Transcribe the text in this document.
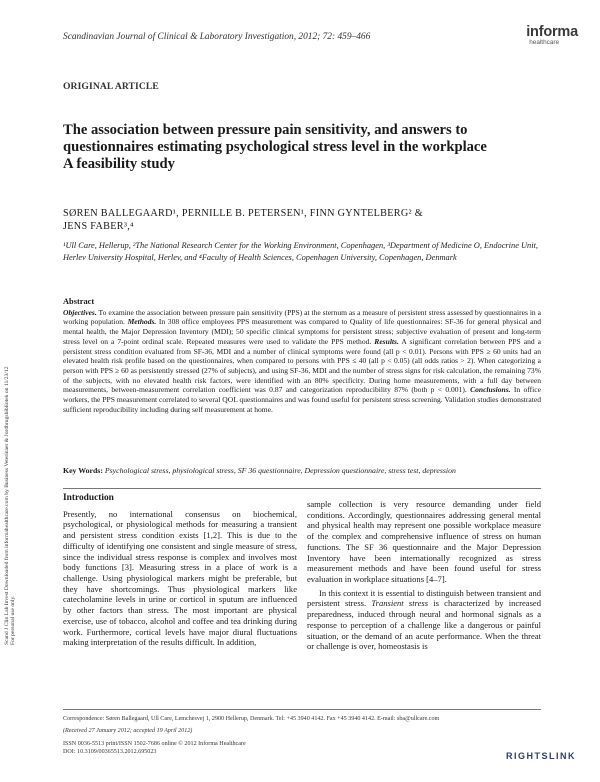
Scand J Clin Lab Invest Downloaded from informahealthcare.com by Business Veterinaer & Jordbrugsbibliotek on 11/23/12 For personal use only.
Scandinavian Journal of Clinical & Laboratory Investigation, 2012; 72: 459–466	informa
healthcare
ORIGINAL ARTICLE
The association between pressure pain sensitivity, and answers to
questionnaires estimating psychological stress level in the workplace
A feasibility study
SØREN BALLEGAARD¹, PERNILLE B. PETERSEN¹, FINN GYNTELBERG² &
JENS FABER³,⁴
¹Ull Care, Hellerup, ²The National Research Center for the Working Environment, Copenhagen, ³Department of Medicine O, Endocrine Unit, Herlev University Hospital, Herlev, and ⁴Faculty of Health Sciences, Copenhagen University, Copenhagen, Denmark
Abstract
Objectives. To examine the association between pressure pain sensitivity (PPS) at the sternum as a measure of persistent stress assessed by questionnaires in a working population. Methods. In 308 office employees PPS measurement was compared to Quality of life questionnaires: SF-36 for general physical and mental health, the Major Depression Inventory (MDI); 50 specific clinical symptoms for persistent stress; subjective evaluation of present and long-term stress level on a 7-point ordinal scale. Repeated measures were used to validate the PPS method. Results. A significant correlation between PPS and a persistent stress condition evaluated from SF-36, MDI and a number of clinical symptoms were found (all p < 0.01). Persons with PPS ≥ 60 units had an elevated health risk profile based on the questionnaires, when compared to persons with PPS ≤ 40 (all p < 0.05) (all odds ratios > 2). When categorizing a person with PPS ≥ 60 as persistently stressed (27% of subjects), and using SF-36, MDI and the number of stress signs for risk calculation, the remaining 73% of the subjects, with no elevated health risk factors, were identified with an 80% specificity. During home measurements, with a full day between measurements, between-measurement correlation coefficient was 0.87 and categorization reproducibility 87% (both p < 0.001). Conclusions. In office workers, the PPS measurement correlated to several QOL questionnaires and was found useful for persistent stress screening. Validation studies demonstrated sufficient reproducibility including during self measurement at home.
Key Words: Psychological stress, physiological stress, SF 36 questionnaire, Depression questionnaire, stress test, depression
Introduction

Presently, no international consensus on biochemical, psychological, or physiological methods for measuring a transient and persistent stress condition exists [1,2]. This is due to the difficulty of identifying one consistent and single measure of stress, since the individual stress response is complex and involves most body functions [3]. Measuring stress in a place of work is a challenge. Using physiological markers might be preferable, but they have shortcomings. Thus physiological markers like catecholamine levels in urine or corticol in sputum are influenced by other factors than stress. The most important are physical exercise, use of tobacco, alcohol and coffee and tea drinking during work. Furthermore, cortical levels have major diural fluctuations making interpretation of the results difficult. In addition,

sample collection is very resource demanding under field conditions. Accordingly, questionnaires addressing general mental and physical health may represent one possible workplace measure of the complex and comprehensive influence of stress on human functions. The SF 36 questionnaire and the Major Depression Inventory have been internationally recognized as stress measurement methods and have been found useful for stress evaluation in workplace situations [4–7].

In this context it is essential to distinguish between transient and persistent stress. Transient stress is characterized by increased preparedness, induced through neural and hormonal signals as a response to perception of a challenge like a dangerous or painful situation, or the demand of an acute performance. When the threat or challenge is over, homeostasis is

Correspondence: Søren Ballegaard, Ull Care, Lemchesvej 1, 2900 Hellerup, Denmark. Tel: +45 3940 4142. Fax +45 3940 4142. E-mail: sba@ullcare.com
(Received 27 January 2012; accepted 19 April 2012)
ISSN 0036-5513 print/ISSN 1502-7686 online © 2012 Informa Healthcare
DOI: 10.3109/00365513.2012.695023	RIGHTSLINK
